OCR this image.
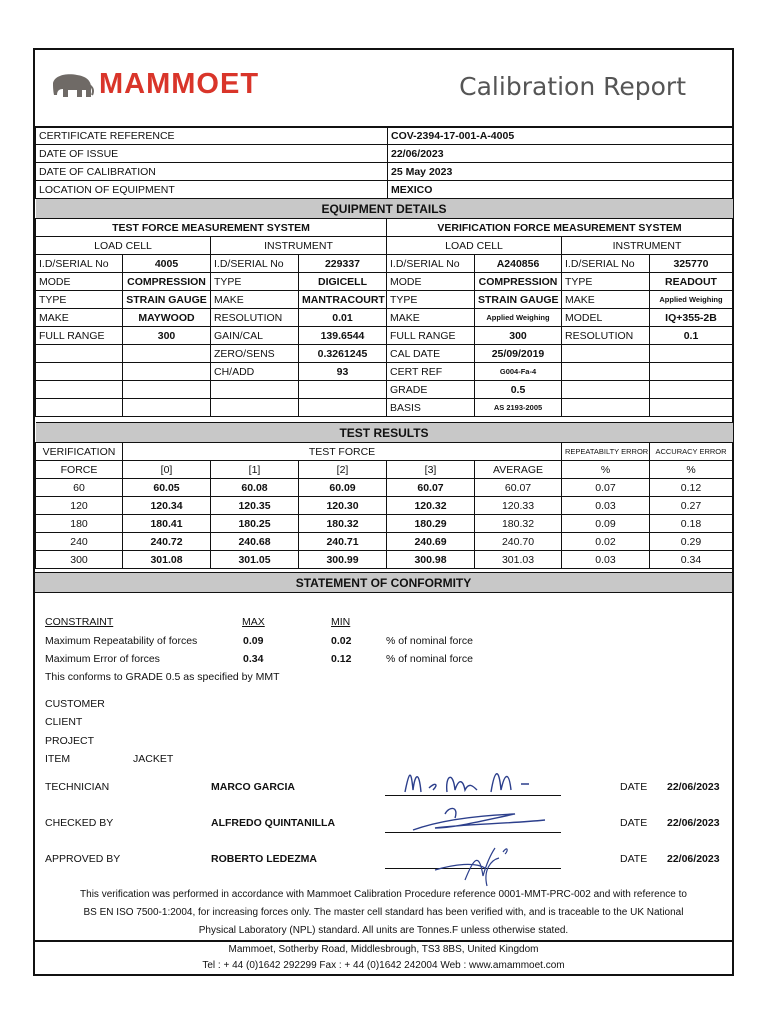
MAMMOET	Calibration Report
CERTIFICATE REFERENCE	COV-2394-17-001-A-4005
DATE OF ISSUE	22/06/2023
DATE OF CALIBRATION	25 May 2023
LOCATION OF EQUIPMENT	MEXICO
EQUIPMENT DETAILS							
TEST FORCE MEASUREMENT SYSTEM				VERIFICATION FORCE MEASUREMENT SYSTEM			
LOAD CELL		INSTRUMENT		LOAD CELL		INSTRUMENT	
I.D/SERIAL No	4005	I.D/SERIAL No	229337	I.D/SERIAL No	A240856	I.D/SERIAL No	325770
MODE	COMPRESSION	TYPE	DIGICELL	MODE	COMPRESSION	TYPE	READOUT
TYPE	STRAIN GAUGE	MAKE	MANTRACOURT	TYPE	STRAIN GAUGE	MAKE	Applied Weighing
MAKE	MAYWOOD	RESOLUTION	0.01	MAKE	Applied Weighing	MODEL	IQ+355-2B
FULL RANGE	300	GAIN/CAL	139.6544	FULL RANGE	300	RESOLUTION	0.1
		ZERO/SENS	0.3261245	CAL DATE	25/09/2019		
		CH/ADD	93	CERT REF	G004-Fa-4		
				GRADE	0.5		
				BASIS	AS 2193-2005		
TEST RESULTS							
VERIFICATION	TEST FORCE					REPEATABILTY ERROR	ACCURACY ERROR
FORCE	[0]	[1]	[2]	[3]	AVERAGE	%	%
60	60.05	60.08	60.09	60.07	60.07	0.07	0.12
120	120.34	120.35	120.30	120.32	120.33	0.03	0.27
180	180.41	180.25	180.32	180.29	180.32	0.09	0.18
240	240.72	240.68	240.71	240.69	240.70	0.02	0.29
300	301.08	301.05	300.99	300.98	301.03	0.03	0.34
STATEMENT OF CONFORMITY
CONSTRAINT	MAX	MIN
Maximum Repeatability of forces	0.09	0.02	% of nominal force
Maximum Error of forces	0.34	0.12	% of nominal force
This conforms to GRADE 0.5 as specified by MMT
CUSTOMER
CLIENT
PROJECT
ITEM	JACKET
TECHNICIAN	MARCO GARCIA	DATE 22/06/2023
CHECKED BY	ALFREDO QUINTANILLA	DATE 22/06/2023
APPROVED BY	ROBERTO LEDEZMA	DATE 22/06/2023
This verification was performed in accordance with Mammoet Calibration Procedure reference 0001-MMT-PRC-002 and with reference to
BS EN ISO 7500-1:2004, for increasing forces only. The master cell standard has been verified with, and is traceable to the UK National
Physical Laboratory (NPL) standard. All units are Tonnes.F unless otherwise stated.
Mammoet, Sotherby Road, Middlesbrough, TS3 8BS, United Kingdom
Tel : + 44 (0)1642 292299 Fax : + 44 (0)1642 242004 Web : www.amammoet.com
